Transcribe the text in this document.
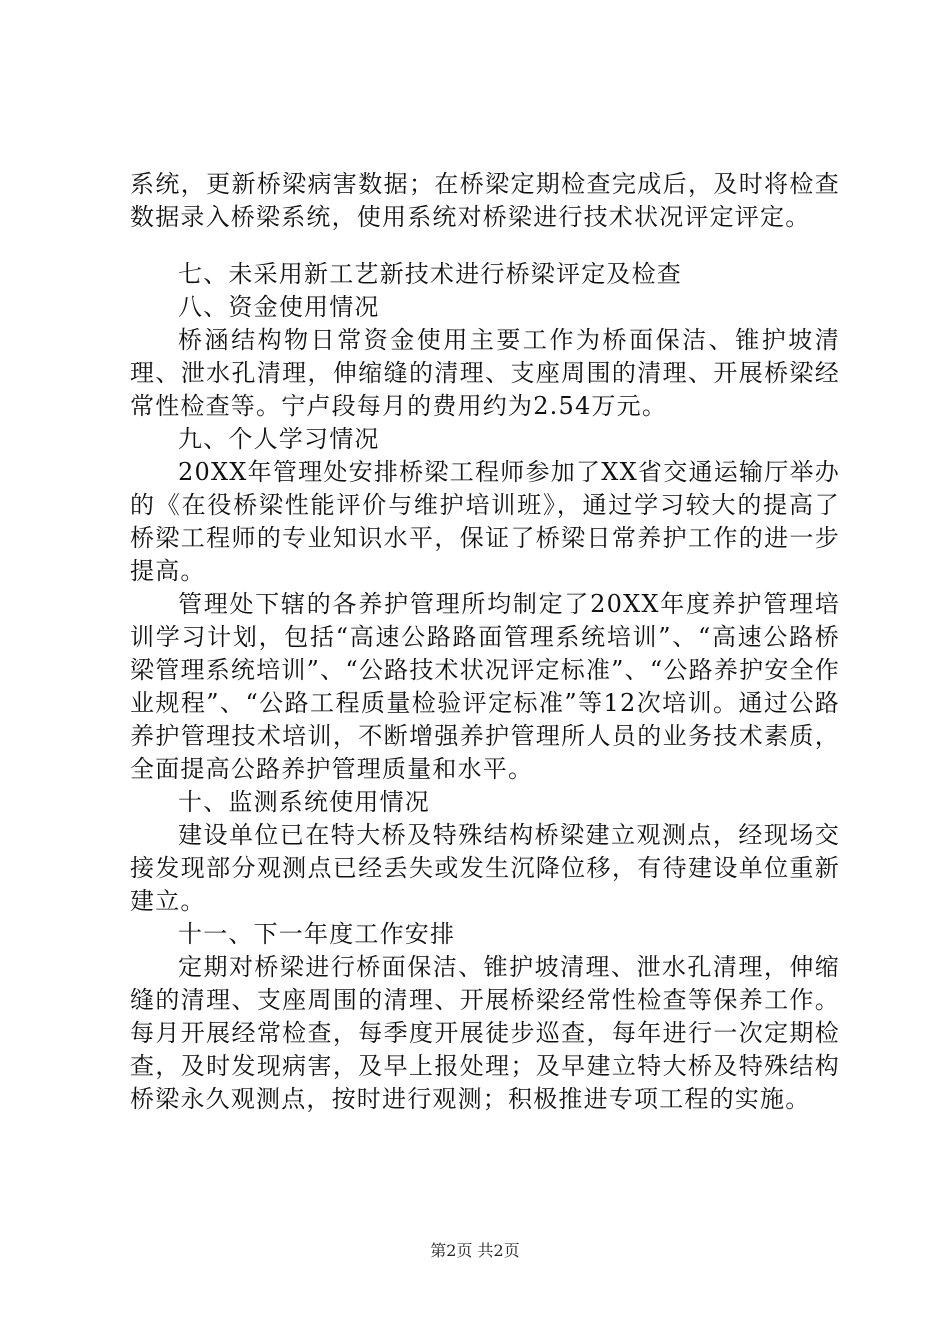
系统，更新桥梁病害数据；在桥梁定期检查完成后，及时将检查数据录入桥梁系统，使用系统对桥梁进行技术状况评定评定。

七、未采用新工艺新技术进行桥梁评定及检查

八、资金使用情况

桥涵结构物日常资金使用主要工作为桥面保洁、锥护坡清理、泄水孔清理，伸缩缝的清理、支座周围的清理、开展桥梁经常性检查等。宁卢段每月的费用约为2.54万元。

九、个人学习情况

20XX年管理处安排桥梁工程师参加了XX省交通运输厅举办的《在役桥梁性能评价与维护培训班》，通过学习较大的提高了桥梁工程师的专业知识水平，保证了桥梁日常养护工作的进一步提高。

管理处下辖的各养护管理所均制定了20XX年度养护管理培训学习计划，包括“高速公路路面管理系统培训”、“高速公路桥梁管理系统培训”、“公路技术状况评定标准”、“公路养护安全作业规程”、“公路工程质量检验评定标准”等12次培训。通过公路养护管理技术培训，不断增强养护管理所人员的业务技术素质，全面提高公路养护管理质量和水平。

十、监测系统使用情况

建设单位已在特大桥及特殊结构桥梁建立观测点，经现场交接发现部分观测点已经丢失或发生沉降位移，有待建设单位重新建立。

十一、下一年度工作安排

定期对桥梁进行桥面保洁、锥护坡清理、泄水孔清理，伸缩缝的清理、支座周围的清理、开展桥梁经常性检查等保养工作。每月开展经常检查，每季度开展徒步巡查，每年进行一次定期检查，及时发现病害，及早上报处理；及早建立特大桥及特殊结构桥梁永久观测点，按时进行观测；积极推进专项工程的实施。

第2页 共2页
